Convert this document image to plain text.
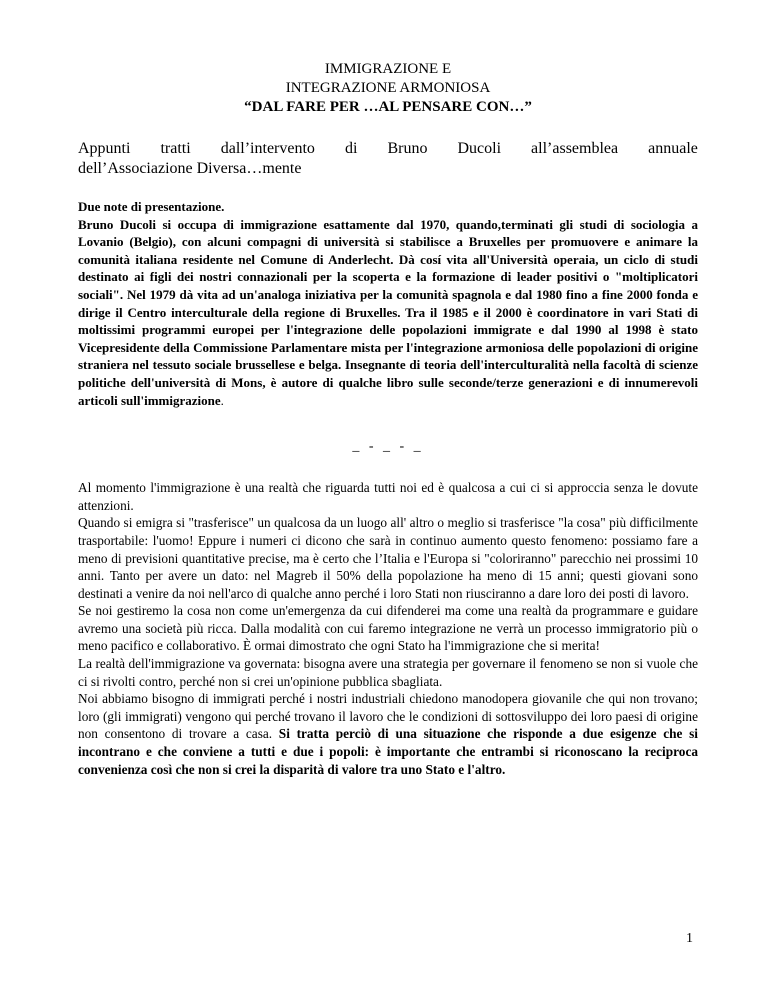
IMMIGRAZIONE E
INTEGRAZIONE ARMONIOSA
“DAL FARE PER …AL PENSARE CON…”
Appunti tratti dall’intervento di Bruno Ducoli all’assemblea annuale
dell’Associazione Diversa…mente
Due note di presentazione.
Bruno Ducoli si occupa di immigrazione esattamente dal 1970, quando,terminati gli studi di sociologia a Lovanio (Belgio), con alcuni compagni di università si stabilisce a Bruxelles per promuovere e animare la comunità italiana residente nel Comune di Anderlecht. Dà cosí vita all'Università operaia, un ciclo di studi destinato ai figli dei nostri connazionali per la scoperta e la formazione di leader positivi o "moltiplicatori sociali". Nel 1979 dà vita ad un'analoga iniziativa per la comunità spagnola e dal 1980 fino a fine 2000 fonda e dirige il Centro interculturale della regione di Bruxelles. Tra il 1985 e il 2000 è coordinatore in vari Stati di moltissimi programmi europei per l'integrazione delle popolazioni immigrate e dal 1990 al 1998 è stato Vicepresidente della Commissione Parlamentare mista per l'integrazione armoniosa delle popolazioni di origine straniera nel tessuto sociale brussellese e belga. Insegnante di teoria dell'interculturalità nella facoltà di scienze politiche dell'università di Mons, è autore di qualche libro sulle seconde/terze generazioni e di innumerevoli articoli sull'immigrazione.
_ - _ - _

Al momento l'immigrazione è una realtà che riguarda tutti noi ed è qualcosa a cui ci si approccia senza le dovute attenzioni.

Quando si emigra si "trasferisce" un qualcosa da un luogo all' altro o meglio si trasferisce "la cosa" più difficilmente trasportabile: l'uomo! Eppure i numeri ci dicono che sarà in continuo aumento questo fenomeno: possiamo fare a meno di previsioni quantitative precise, ma è certo che l’Italia e l'Europa si "coloriranno" parecchio nei prossimi 10 anni. Tanto per avere un dato: nel Magreb il 50% della popolazione ha meno di 15 anni; questi giovani sono destinati a venire da noi nell'arco di qualche anno perché i loro Stati non riusciranno a dare loro dei posti di lavoro.

Se noi gestiremo la cosa non come un'emergenza da cui difenderei ma come una realtà da programmare e guidare avremo una società più ricca. Dalla modalità con cui faremo integrazione ne verrà un processo immigratorio più o meno pacifico e collaborativo. È ormai dimostrato che ogni Stato ha l'immigrazione che si merita!

La realtà dell'immigrazione va governata: bisogna avere una strategia per governare il fenomeno se non si vuole che ci si rivolti contro, perché non si crei un'opinione pubblica sbagliata.

Noi abbiamo bisogno di immigrati perché i nostri industriali chiedono manodopera giovanile che qui non trovano; loro (gli immigrati) vengono qui perché trovano il lavoro che le condizioni di sottosviluppo dei loro paesi di origine non consentono di trovare a casa. Si tratta perciò di una situazione che risponde a due esigenze che si incontrano e che conviene a tutti e due i popoli: è importante che entrambi si riconoscano la reciproca convenienza così che non si crei la disparità di valore tra uno Stato e l'altro.

1
